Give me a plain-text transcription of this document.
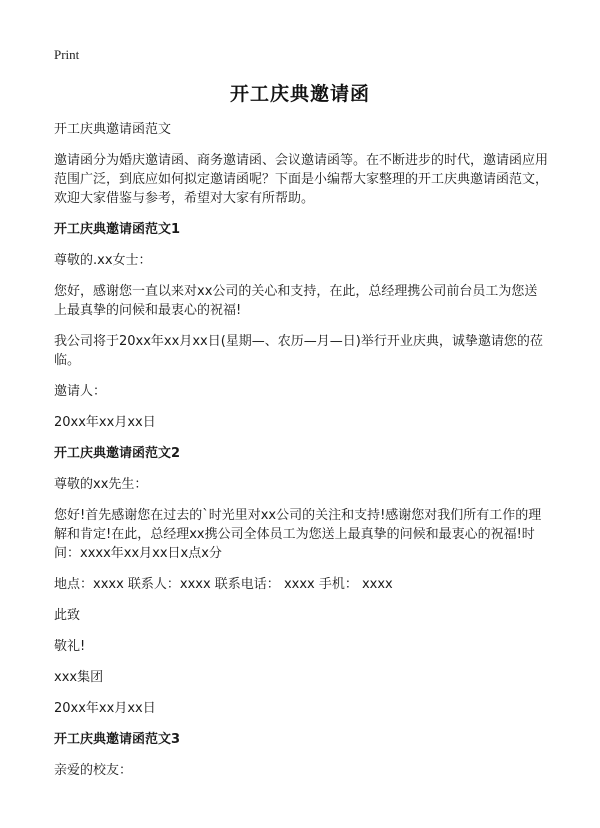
Print
开工庆典邀请函
开工庆典邀请函范文
邀请函分为婚庆邀请函、商务邀请函、会议邀请函等。在不断进步的时代，邀请函应用范围广泛，到底应如何拟定邀请函呢？下面是小编帮大家整理的开工庆典邀请函范文，欢迎大家借鉴与参考，希望对大家有所帮助。
开工庆典邀请函范文1
尊敬的.xx女士：
您好，感谢您一直以来对xx公司的关心和支持，在此，总经理携公司前台员工为您送上最真挚的问候和最衷心的祝福!
我公司将于20xx年xx月xx日(星期—、农历—月—日)举行开业庆典，诚挚邀请您的莅临。
邀请人：
20xx年xx月xx日
开工庆典邀请函范文2
尊敬的xx先生：
您好!首先感谢您在过去的`时光里对xx公司的关注和支持!感谢您对我们所有工作的理解和肯定!在此，总经理xx携公司全体员工为您送上最真挚的问候和最衷心的祝福!时间：xxxx年xx月xx日x点x分
地点：xxxx 联系人：xxxx 联系电话： xxxx 手机： xxxx
此致
敬礼!
xxx集团
20xx年xx月xx日
开工庆典邀请函范文3
亲爱的校友：
